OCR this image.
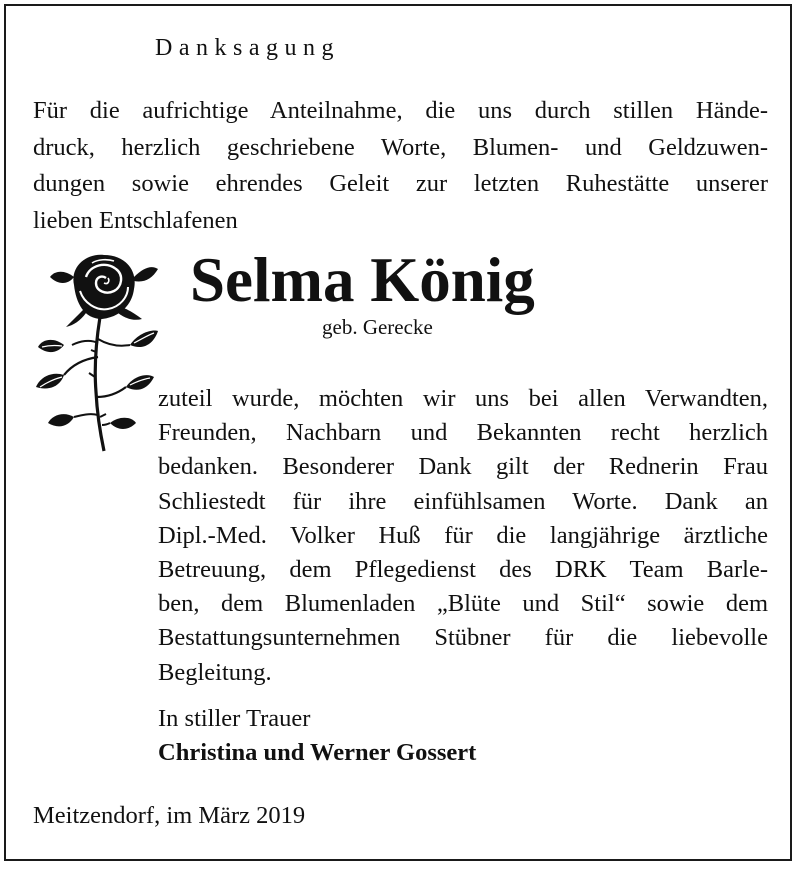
Danksagung
Für die aufrichtige Anteilnahme, die uns durch stillen Hände-
druck, herzlich geschriebene Worte, Blumen- und Geldzuwen-
dungen sowie ehrendes Geleit zur letzten Ruhestätte unserer
lieben Entschlafenen
Selma König
geb. Gerecke
zuteil wurde, möchten wir uns bei allen Verwandten,
Freunden, Nachbarn und Bekannten recht herzlich
bedanken. Besonderer Dank gilt der Rednerin Frau
Schliestedt für ihre einfühlsamen Worte. Dank an
Dipl.-Med. Volker Huß für die langjährige ärztliche
Betreuung, dem Pflegedienst des DRK Team Barle-
ben, dem Blumenladen „Blüte und Stil“ sowie dem
Bestattungsunternehmen Stübner für die liebevolle
Begleitung.
In stiller Trauer
Christina und Werner Gossert
Meitzendorf, im März 2019
